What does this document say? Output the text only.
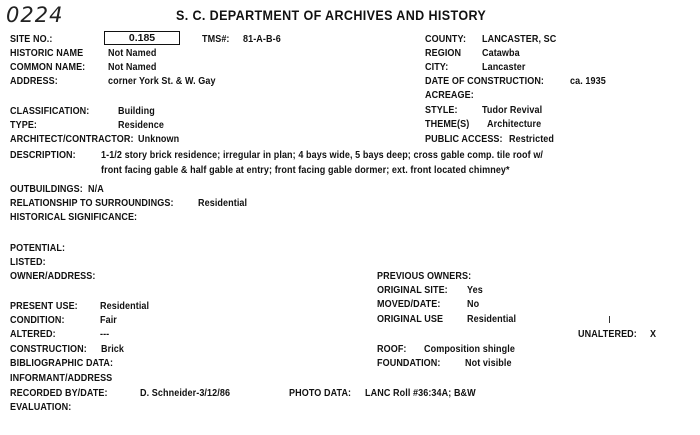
0224	S. C. DEPARTMENT OF ARCHIVES AND HISTORY
SITE NO.:	0.185	TMS#: 81-A-B-6	COUNTY: LANCASTER, SC
HISTORIC NAME Not Named	REGION Catawba
COMMON NAME: Not Named	CITY:	Lancaster
ADDRESS:	corner York St. & W. Gay	DATE OF CONSTRUCTION: ca. 1935
ACREAGE:
CLASSIFICATION:	Building	STYLE: Tudor Revival
TYPE:	Residence	THEME(S) Architecture
ARCHITECT/CONTRACTOR: Unknown	PUBLIC ACCESS: Restricted
DESCRIPTION: 1-1/2 story brick residence; irregular in plan; 4 bays wide, 5 bays deep; cross gable comp. tile roof w/
front facing gable & half gable at entry; front facing gable dormer; ext. front located chimney*
OUTBUILDINGS: N/A
RELATIONSHIP TO SURROUNDINGS: Residential
HISTORICAL SIGNIFICANCE:
POTENTIAL:
LISTED:
OWNER/ADDRESS:	PREVIOUS OWNERS:
ORIGINAL SITE: Yes
MOVED/DATE:	No
ORIGINAL USE Residential
PRESENT USE: Residential
CONDITION:	Fair
ALTERED:	---	UNALTERED: X
CONSTRUCTION: Brick	ROOF: Composition shingle
BIBLIOGRAPHIC DATA:	FOUNDATION: Not visible
INFORMANT/ADDRESS
RECORDED BY/DATE:	D. Schneider-3/12/86	PHOTO DATA: LANC Roll #36:34A; B&W
EVALUATION:
